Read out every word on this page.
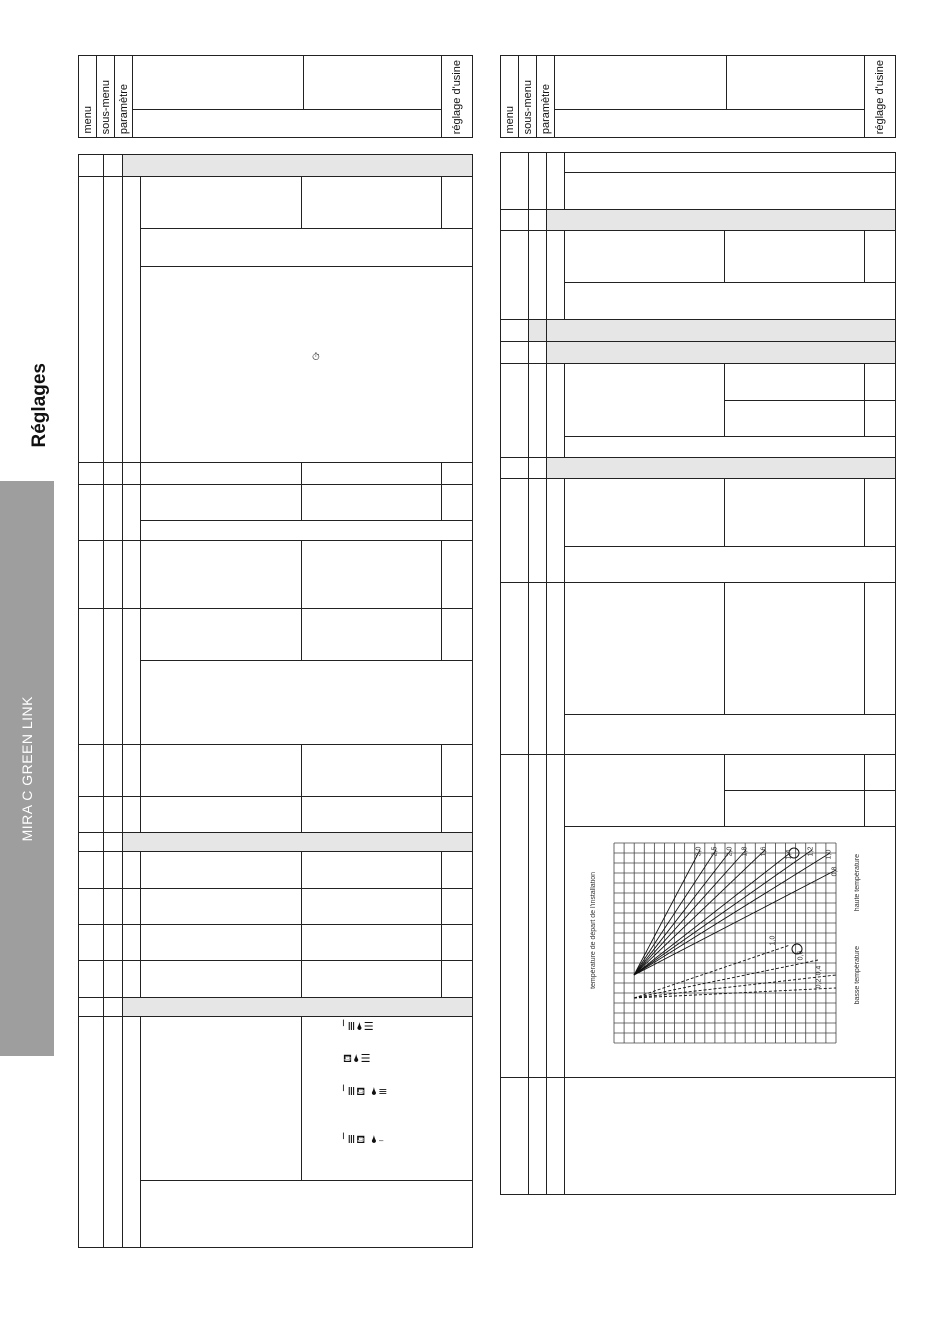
MIRA C GREEN LINK
Réglages
menu sous-menu paramètre	réglage d'usine	menu sous-menu paramètre	réglage d'usine
⏱
╵Ⅲ🌢☰
⛾🌢☰
╵Ⅲ⛾ 🌢≡
╵Ⅲ⛾ 🌢₋
température de départ de l'installation	haute température
basse température
3,0 2,5 2,0 1,8 1,6	1,4 1,2 1,0
0,8
1,0
0,6
0,4
0,2
